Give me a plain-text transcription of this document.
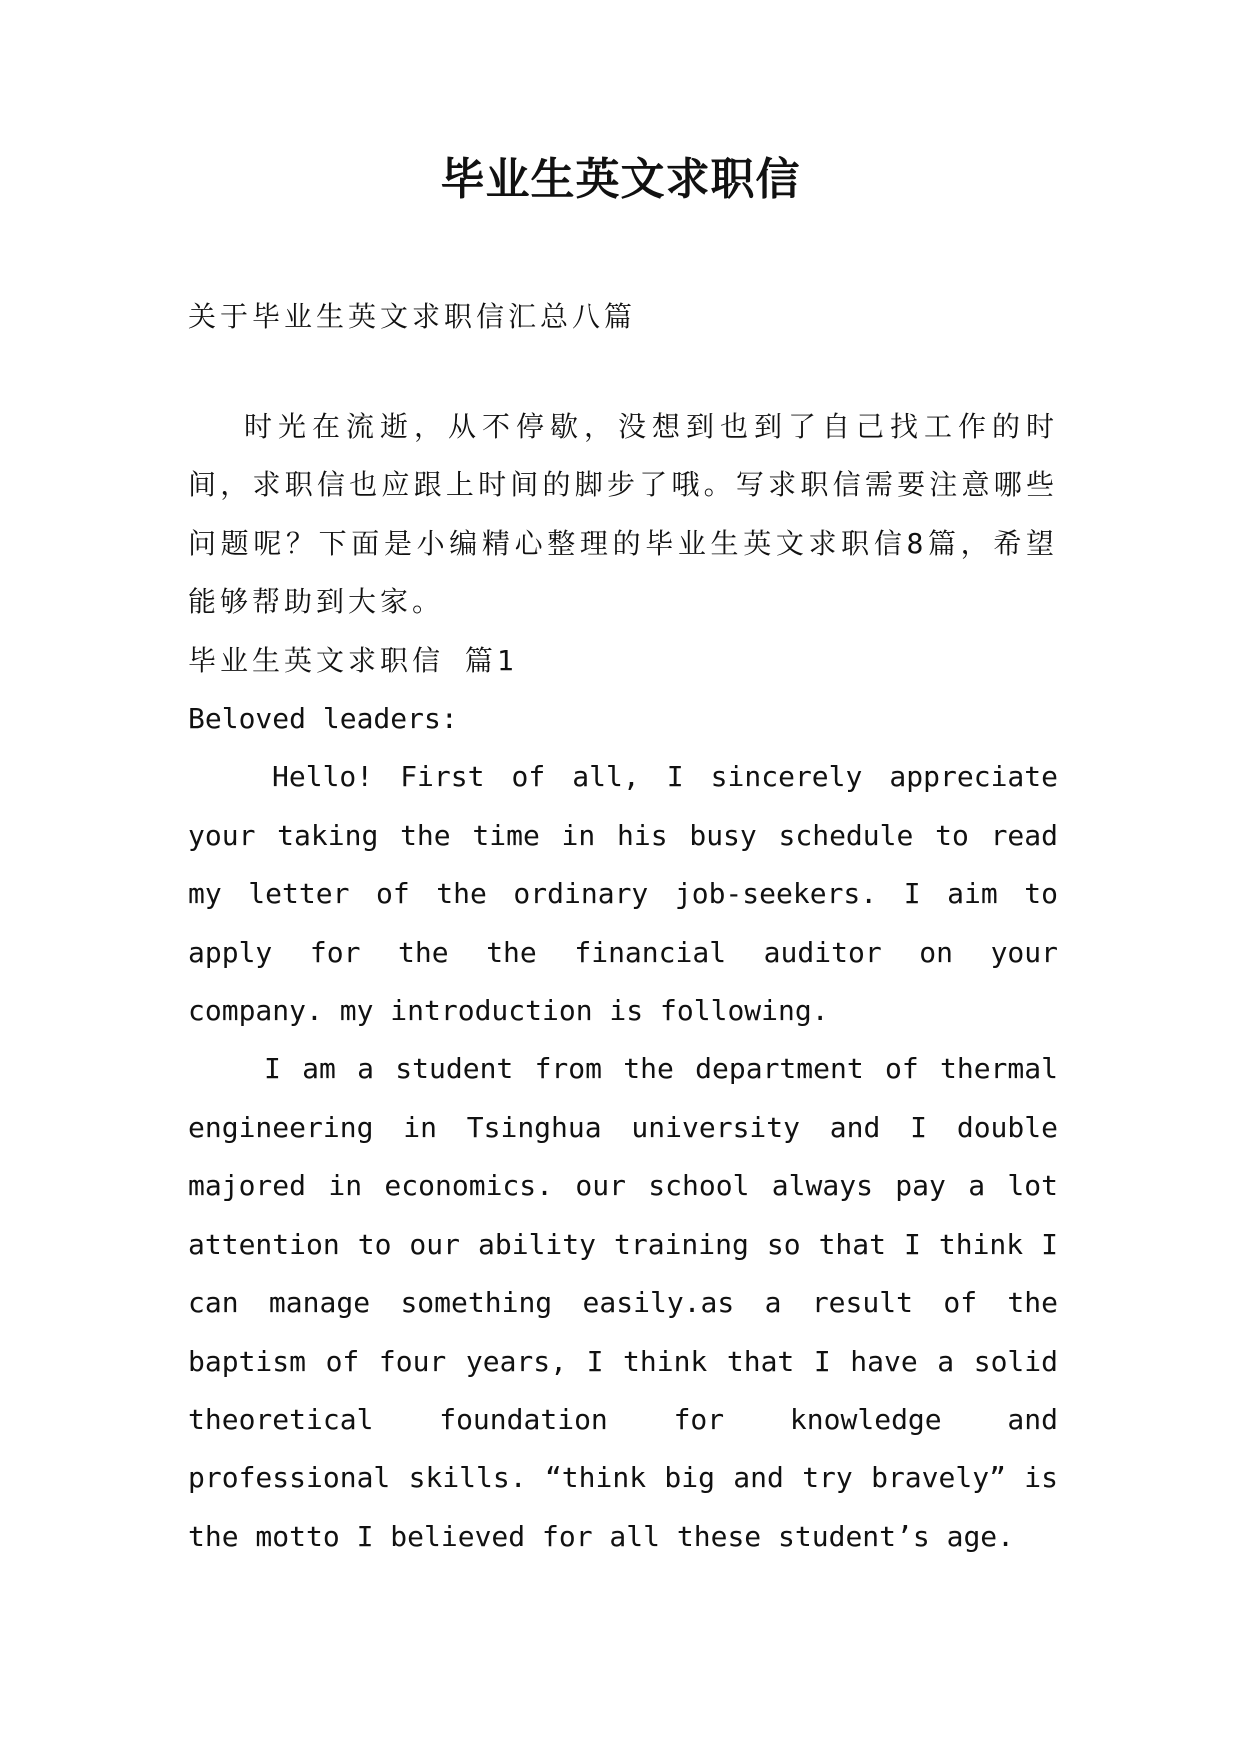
毕业生英文求职信
关于毕业生英文求职信汇总八篇

时光在流逝，从不停歇，没想到也到了自己找工作的时间，求职信也应跟上时间的脚步了哦。写求职信需要注意哪些问题呢？下面是小编精心整理的毕业生英文求职信8篇，希望能够帮助到大家。

毕业生英文求职信 篇1

Beloved leaders:

Hello! First of all, I sincerely appreciate your taking the time in his busy schedule to read my letter of the ordinary job-seekers. I aim to apply for the the financial auditor on your company. my introduction is following.

I am a student from the department of thermal engineering in Tsinghua university and I double majored in economics. our school always pay a lot attention to our ability training so that I think I can manage something easily.as a result of the baptism of four years, I think that I have a solid theoretical foundation for knowledge and professional skills. “think big and try bravely” is the motto I believed for all these student’s age.
